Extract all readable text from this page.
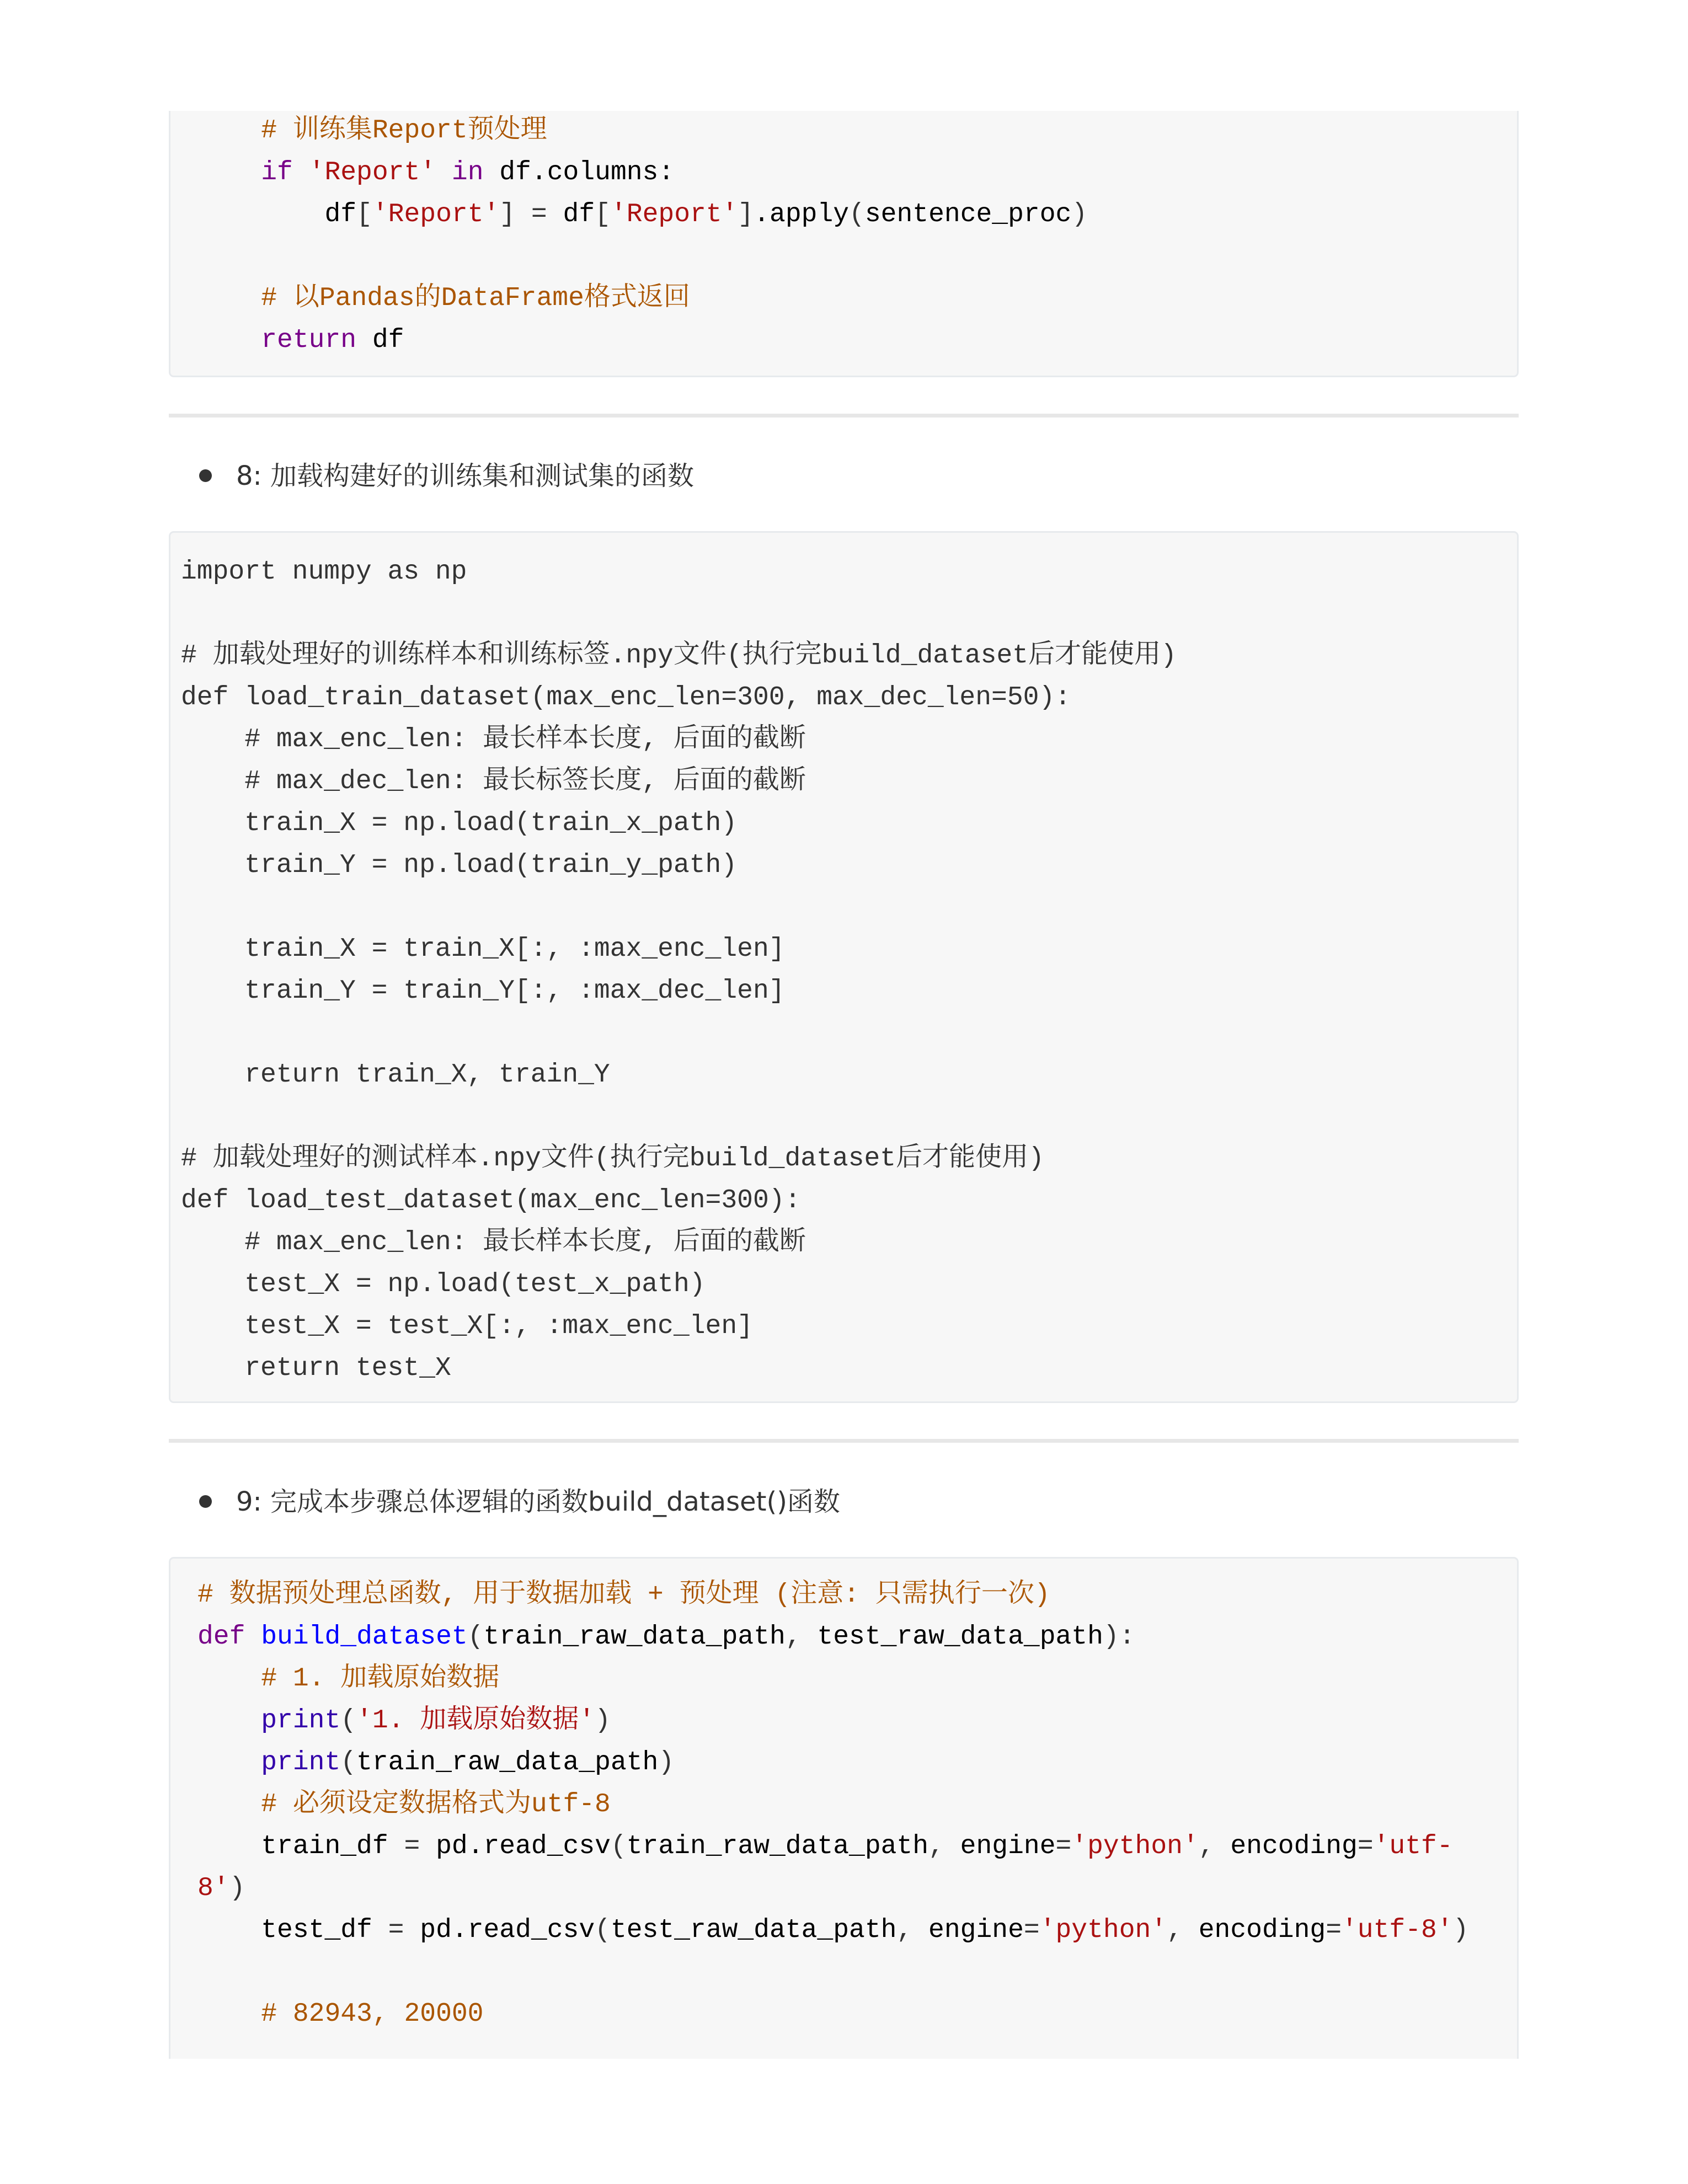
# 训练集Report预处理
if 'Report' in df.columns:
df['Report'] = df['Report'].apply(sentence_proc)
# 以Pandas的DataFrame格式返回
return df
8: 加载构建好的训练集和测试集的函数
import numpy as np
# 加载处理好的训练样本和训练标签.npy文件(执行完build_dataset后才能使用)
def load_train_dataset(max_enc_len=300, max_dec_len=50):
# max_enc_len: 最长样本长度, 后面的截断
# max_dec_len: 最长标签长度, 后面的截断
train_X = np.load(train_x_path)
train_Y = np.load(train_y_path)
train_X = train_X[:, :max_enc_len]
train_Y = train_Y[:, :max_dec_len]
return train_X, train_Y
# 加载处理好的测试样本.npy文件(执行完build_dataset后才能使用)
def load_test_dataset(max_enc_len=300):
# max_enc_len: 最长样本长度, 后面的截断
test_X = np.load(test_x_path)
test_X = test_X[:, :max_enc_len]
return test_X
9: 完成本步骤总体逻辑的函数build_dataset()函数
# 数据预处理总函数, 用于数据加载 + 预处理 (注意: 只需执行一次)
def build_dataset(train_raw_data_path, test_raw_data_path):
# 1. 加载原始数据
print('1. 加载原始数据')
print(train_raw_data_path)
# 必须设定数据格式为utf-8
train_df = pd.read_csv(train_raw_data_path, engine='python', encoding='utf-
8')
test_df = pd.read_csv(test_raw_data_path, engine='python', encoding='utf-8')
# 82943, 20000
